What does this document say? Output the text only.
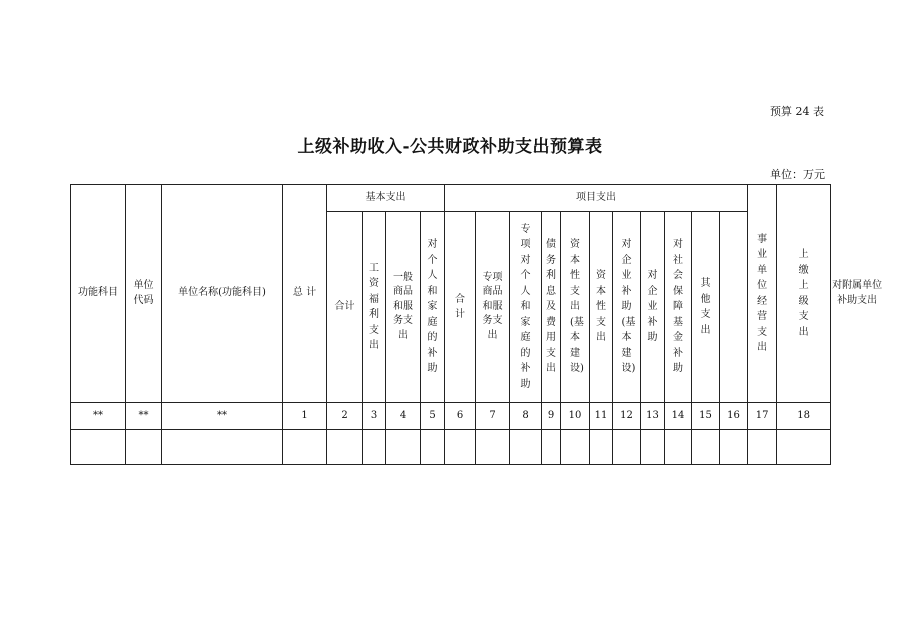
预算 24 表
上级补助收入-公共财政补助支出预算表
单位：万元
功能科目	单位代码	单位名称(功能科目)	总 计	基本支出				项目支出											事业单位经营支出	上缴上级支出	对附属单位补助支出
				合计	工资福利支出	一般商品和服务支出	对个人和家庭的补助	合计	专项商品和服务支出	专项对个人和家庭的补助	债务利息及费用支出	资本性支出(基本建设)	资本性支出	对企业补助(基本建设)	对企业补助	对社会保障基金补助	其他支出				
**	**	**	1	2	3	4	5	6	7	8	9	10	11	12	13	14	15	16	17	18	
